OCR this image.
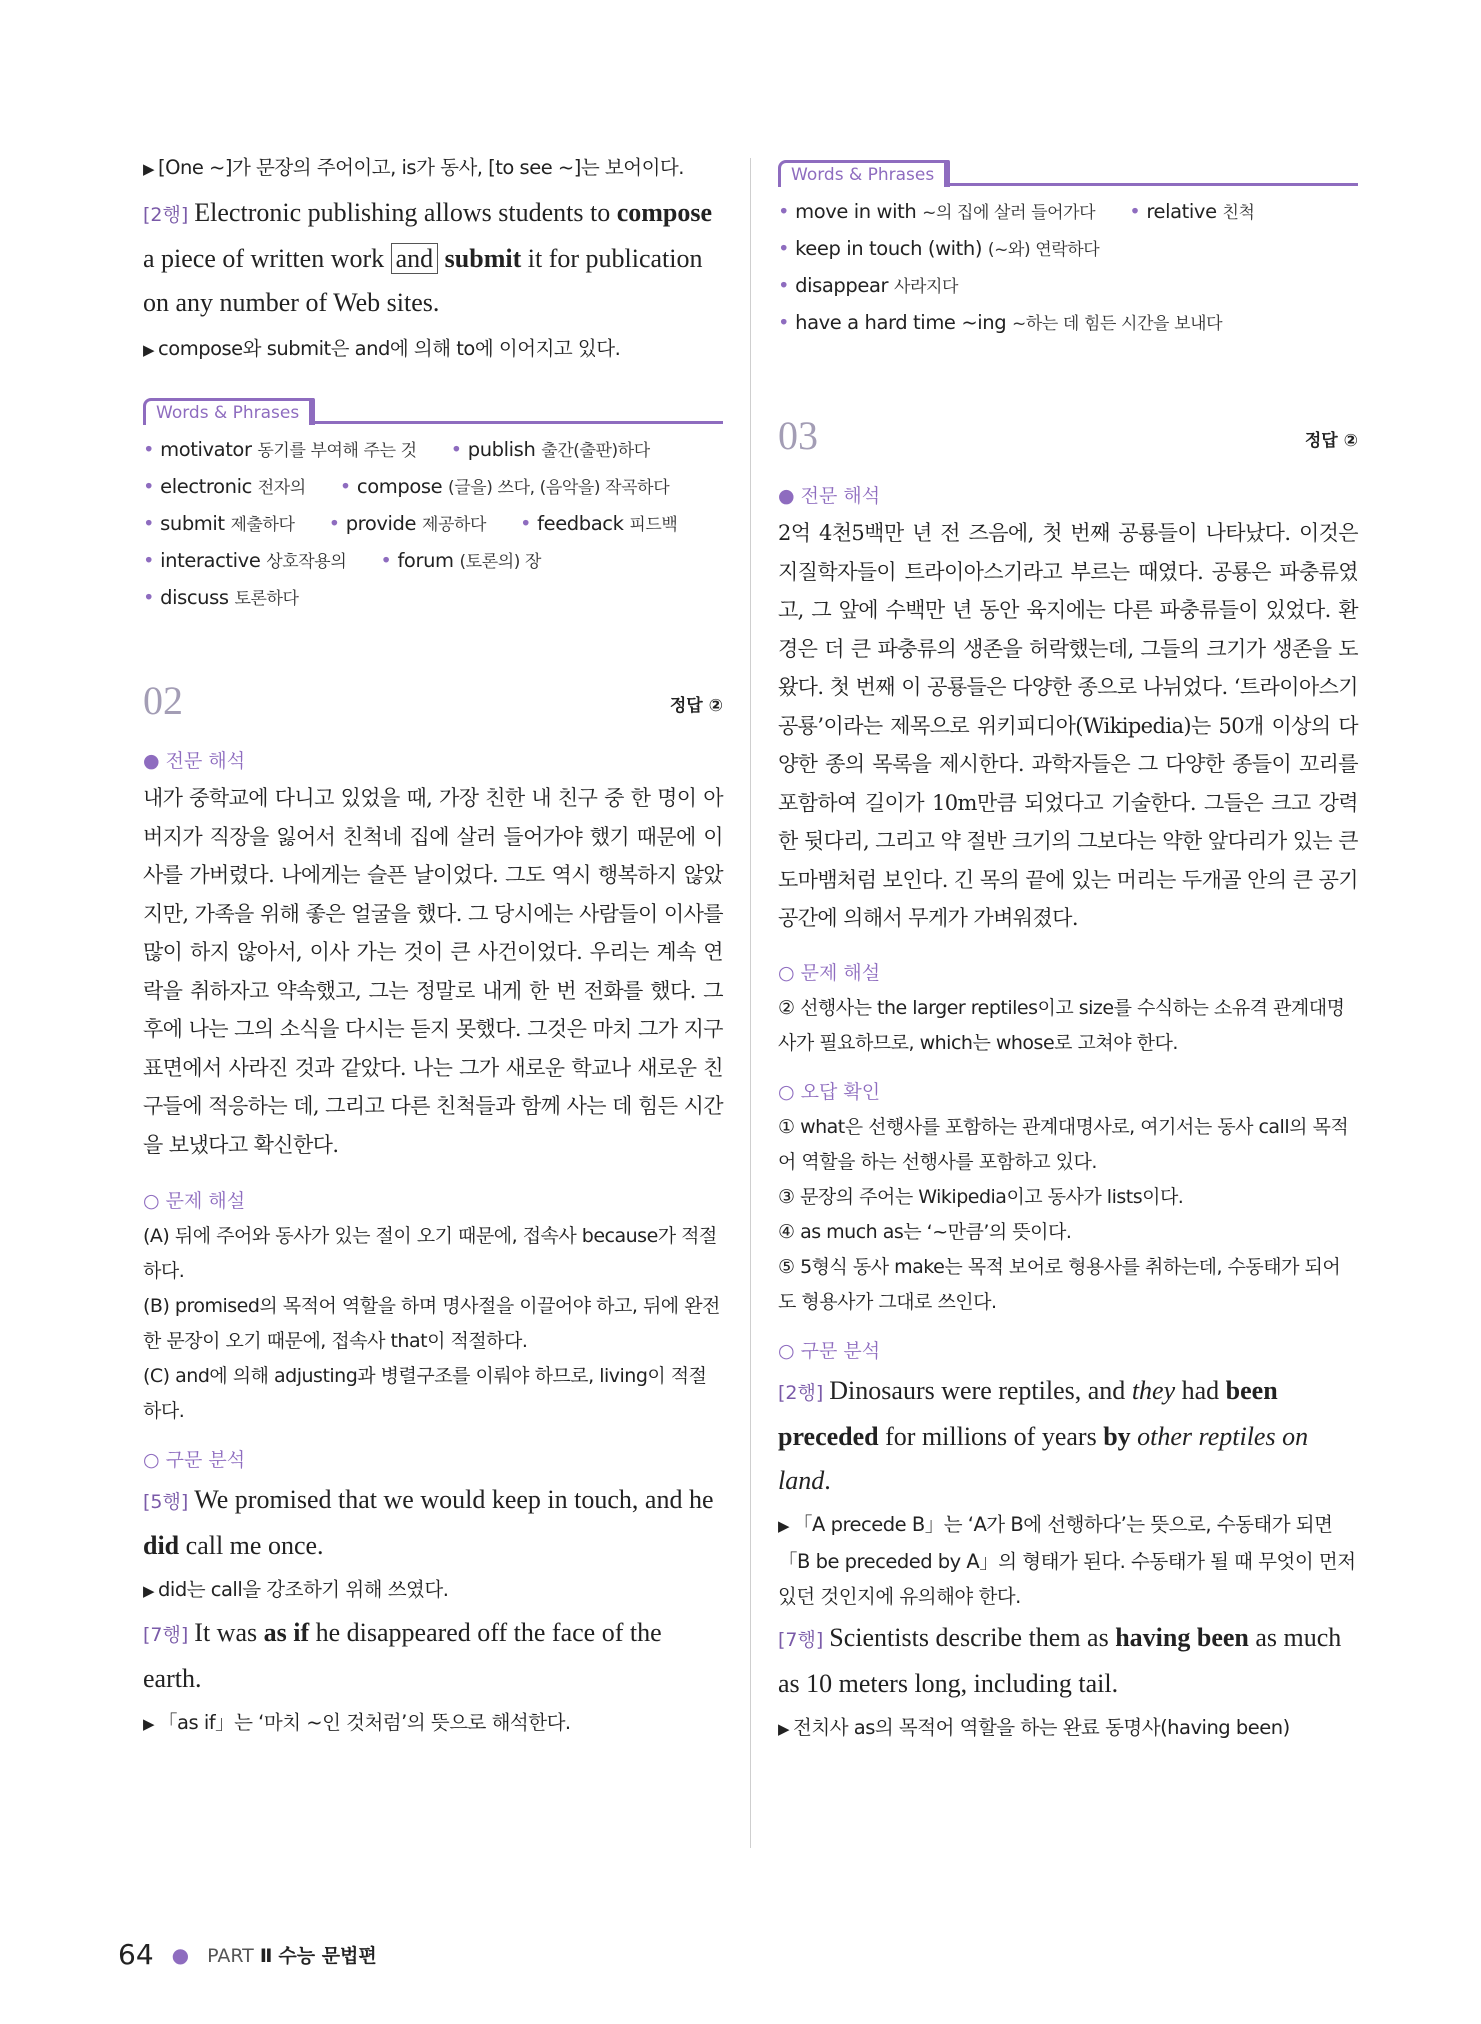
▶ [One ~]가 문장의 주어이고, is가 동사, [to see ~]는 보어이다.
[2행] Electronic publishing allows students to compose a piece of written work and submit it for publication on any number of Web sites.
▶ compose와 submit은 and에 의해 to에 이어지고 있다.
Words & Phrases
• motivator 동기를 부여해 주는 것 • publish 출간(출판)하다
• electronic 전자의 • compose (글을) 쓰다, (음악을) 작곡하다
• submit 제출하다 • provide 제공하다 • feedback 피드백
• interactive 상호작용의 • forum (토론의) 장
• discuss 토론하다
02	정답 ②
● 전문 해석
내가 중학교에 다니고 있었을 때, 가장 친한 내 친구 중 한 명이 아버지가 직장을 잃어서 친척네 집에 살러 들어가야 했기 때문에 이사를 가버렸다. 나에게는 슬픈 날이었다. 그도 역시 행복하지 않았지만, 가족을 위해 좋은 얼굴을 했다. 그 당시에는 사람들이 이사를 많이 하지 않아서, 이사 가는 것이 큰 사건이었다. 우리는 계속 연락을 취하자고 약속했고, 그는 정말로 내게 한 번 전화를 했다. 그 후에 나는 그의 소식을 다시는 듣지 못했다. 그것은 마치 그가 지구 표면에서 사라진 것과 같았다. 나는 그가 새로운 학교나 새로운 친구들에 적응하는 데, 그리고 다른 친척들과 함께 사는 데 힘든 시간을 보냈다고 확신한다.
○ 문제 해설
(A) 뒤에 주어와 동사가 있는 절이 오기 때문에, 접속사 because가 적절하다.
(B) promised의 목적어 역할을 하며 명사절을 이끌어야 하고, 뒤에 완전한 문장이 오기 때문에, 접속사 that이 적절하다.
(C) and에 의해 adjusting과 병렬구조를 이뤄야 하므로, living이 적절하다.
○ 구문 분석
[5행] We promised that we would keep in touch, and he did call me once.
▶ did는 call을 강조하기 위해 쓰였다.
[7행] It was as if he disappeared off the face of the earth.
▶ 「as if」는 ‘마치 ~인 것처럼’의 뜻으로 해석한다.
Words & Phrases
• move in with ~의 집에 살러 들어가다 • relative 친척
• keep in touch (with) (~와) 연락하다
• disappear 사라지다
• have a hard time ~ing ~하는 데 힘든 시간을 보내다
03	정답 ②
● 전문 해석
2억 4천5백만 년 전 즈음에, 첫 번째 공룡들이 나타났다. 이것은 지질학자들이 트라이아스기라고 부르는 때였다. 공룡은 파충류였고, 그 앞에 수백만 년 동안 육지에는 다른 파충류들이 있었다. 환경은 더 큰 파충류의 생존을 허락했는데, 그들의 크기가 생존을 도왔다. 첫 번째 이 공룡들은 다양한 종으로 나뉘었다. ‘트라이아스기 공룡’이라는 제목으로 위키피디아(Wikipedia)는 50개 이상의 다양한 종의 목록을 제시한다. 과학자들은 그 다양한 종들이 꼬리를 포함하여 길이가 10m만큼 되었다고 기술한다. 그들은 크고 강력한 뒷다리, 그리고 약 절반 크기의 그보다는 약한 앞다리가 있는 큰 도마뱀처럼 보인다. 긴 목의 끝에 있는 머리는 두개골 안의 큰 공기 공간에 의해서 무게가 가벼워졌다.
○ 문제 해설
② 선행사는 the larger reptiles이고 size를 수식하는 소유격 관계대명사가 필요하므로, which는 whose로 고쳐야 한다.
○ 오답 확인
① what은 선행사를 포함하는 관계대명사로, 여기서는 동사 call의 목적어 역할을 하는 선행사를 포함하고 있다.
③ 문장의 주어는 Wikipedia이고 동사가 lists이다.
④ as much as는 ‘~만큼’의 뜻이다.
⑤ 5형식 동사 make는 목적 보어로 형용사를 취하는데, 수동태가 되어도 형용사가 그대로 쓰인다.
○ 구문 분석
[2행] Dinosaurs were reptiles, and they had been preceded for millions of years by other reptiles on land.
▶ 「A precede B」는 ‘A가 B에 선행하다’는 뜻으로, 수동태가 되면 「B be preceded by A」의 형태가 된다. 수동태가 될 때 무엇이 먼저 있던 것인지에 유의해야 한다.
[7행] Scientists describe them as having been as much as 10 meters long, including tail.
▶ 전치사 as의 목적어 역할을 하는 완료 동명사(having been)
64 ● PART Ⅱ 수능 문법편
